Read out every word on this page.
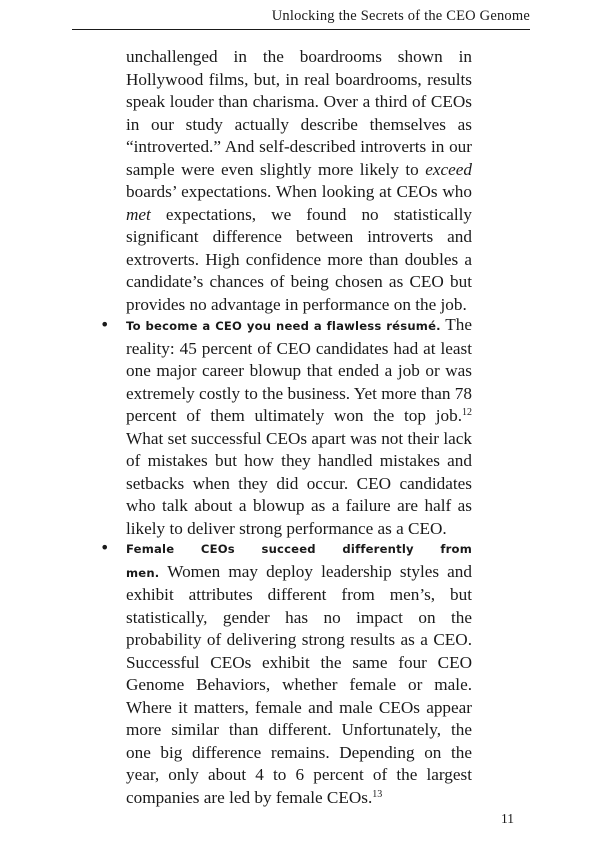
Unlocking the Secrets of the CEO Genome

unchallenged in the boardrooms shown in Hollywood films, but, in real boardrooms, results speak louder than charisma. Over a third of CEOs in our study actually describe themselves as “introverted.” And self-described introverts in our sample were even slightly more likely to exceed boards’ expectations. When looking at CEOs who met expectations, we found no statistically significant difference between introverts and extroverts. High confidence more than doubles a candidate’s chances of being chosen as CEO but provides no advantage in performance on the job.

• To become a CEO you need a flawless résumé. The reality: 45 percent of CEO candidates had at least one major career blowup that ended a job or was extremely costly to the business. Yet more than 78 percent of them ultimately won the top job.$^{12}$ What set successful CEOs apart was not their lack of mistakes but how they handled mistakes and setbacks when they did occur. CEO candidates who talk about a blowup as a failure are half as likely to deliver strong performance as a CEO.

• Female CEOs succeed differently from men. Women may deploy leadership styles and exhibit attributes different from men’s, but statistically, gender has no impact on the probability of delivering strong results as a CEO. Successful CEOs exhibit the same four CEO Genome Behaviors, whether female or male. Where it matters, female and male CEOs appear more similar than different. Unfortunately, the one big difference remains. Depending on the year, only about 4 to 6 percent of the largest companies are led by female CEOs.$^{13}$

11
